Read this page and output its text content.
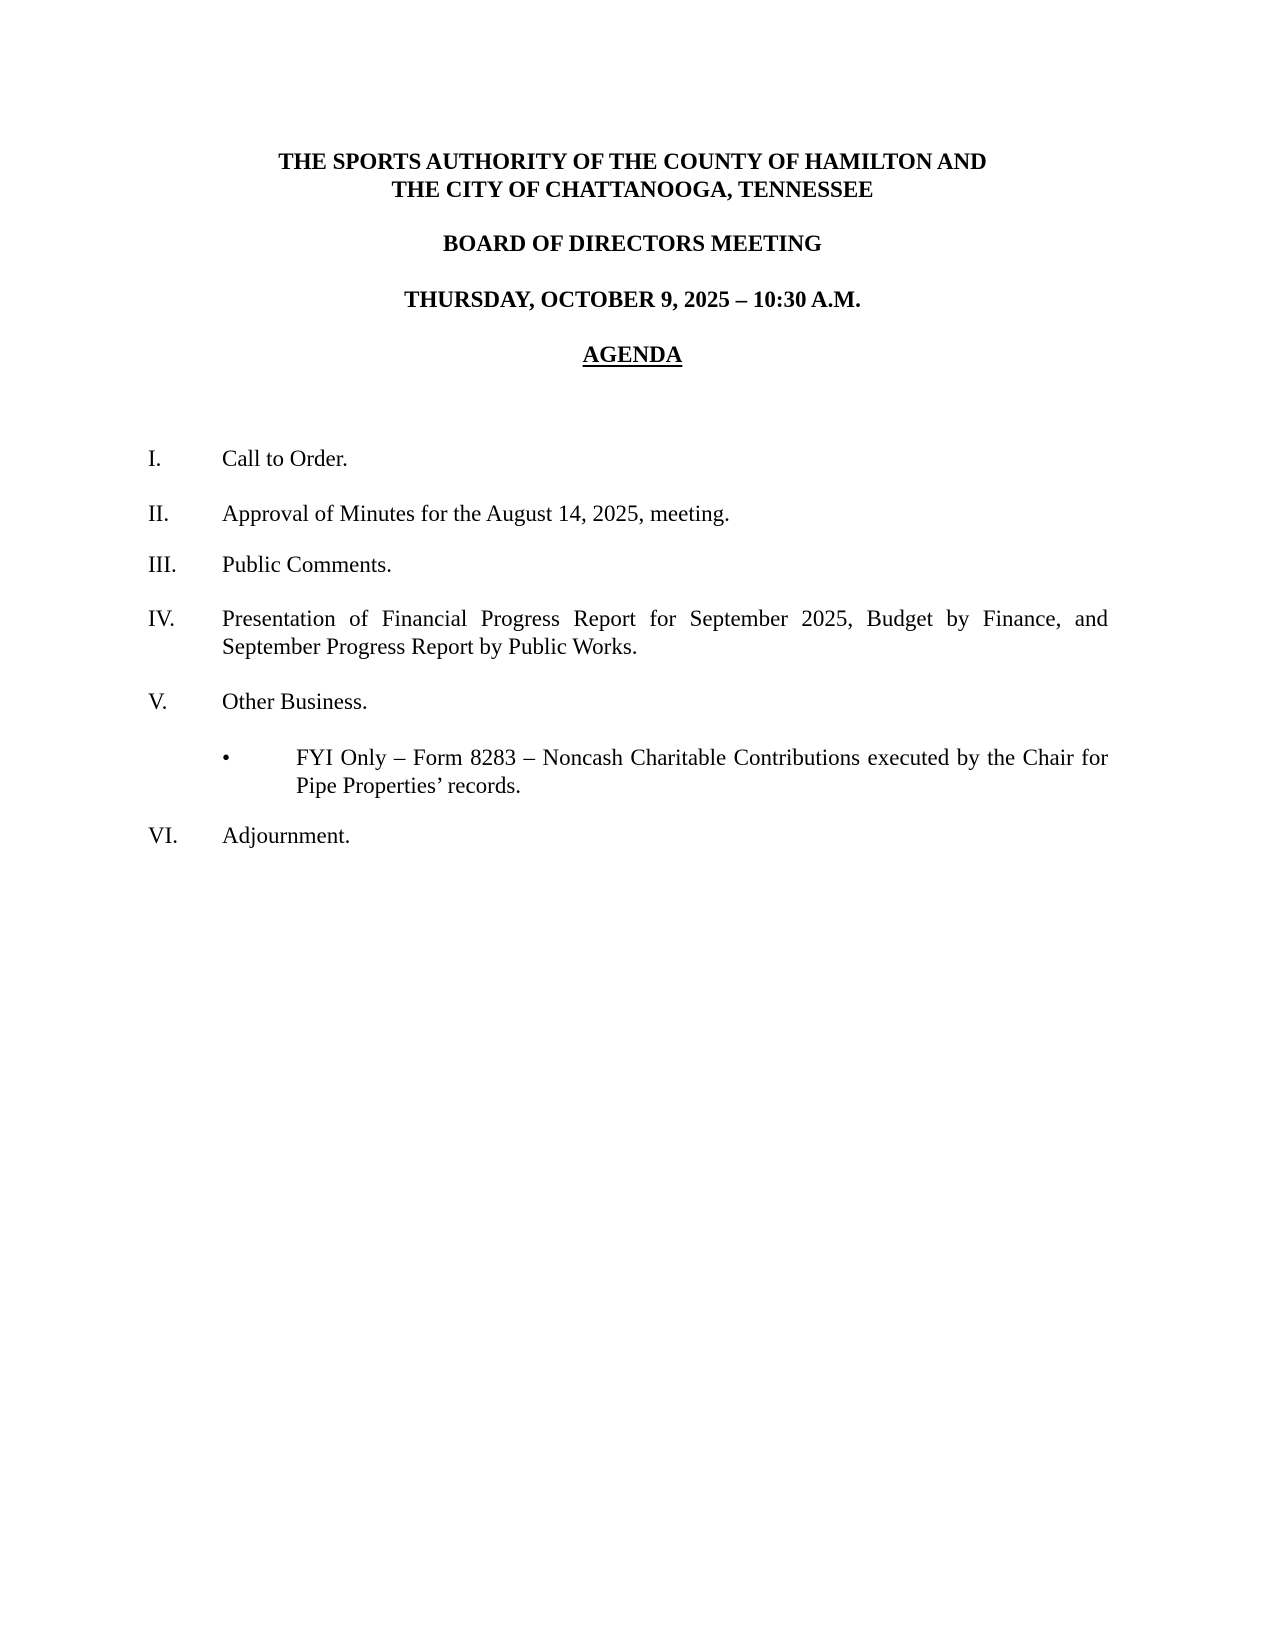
THE SPORTS AUTHORITY OF THE COUNTY OF HAMILTON AND
THE CITY OF CHATTANOOGA, TENNESSEE
BOARD OF DIRECTORS MEETING
THURSDAY, OCTOBER 9, 2025 – 10:30 A.M.
AGENDA
I.	Call to Order.
II. Approval of Minutes for the August 14, 2025, meeting.
III. Public Comments.
IV. Presentation of Financial Progress Report for September 2025, Budget by Finance, and September Progress Report by Public Works.
V. Other Business.
•	FYI Only – Form 8283 – Noncash Charitable Contributions executed by the Chair for Pipe Properties’ records.
VI. Adjournment.
